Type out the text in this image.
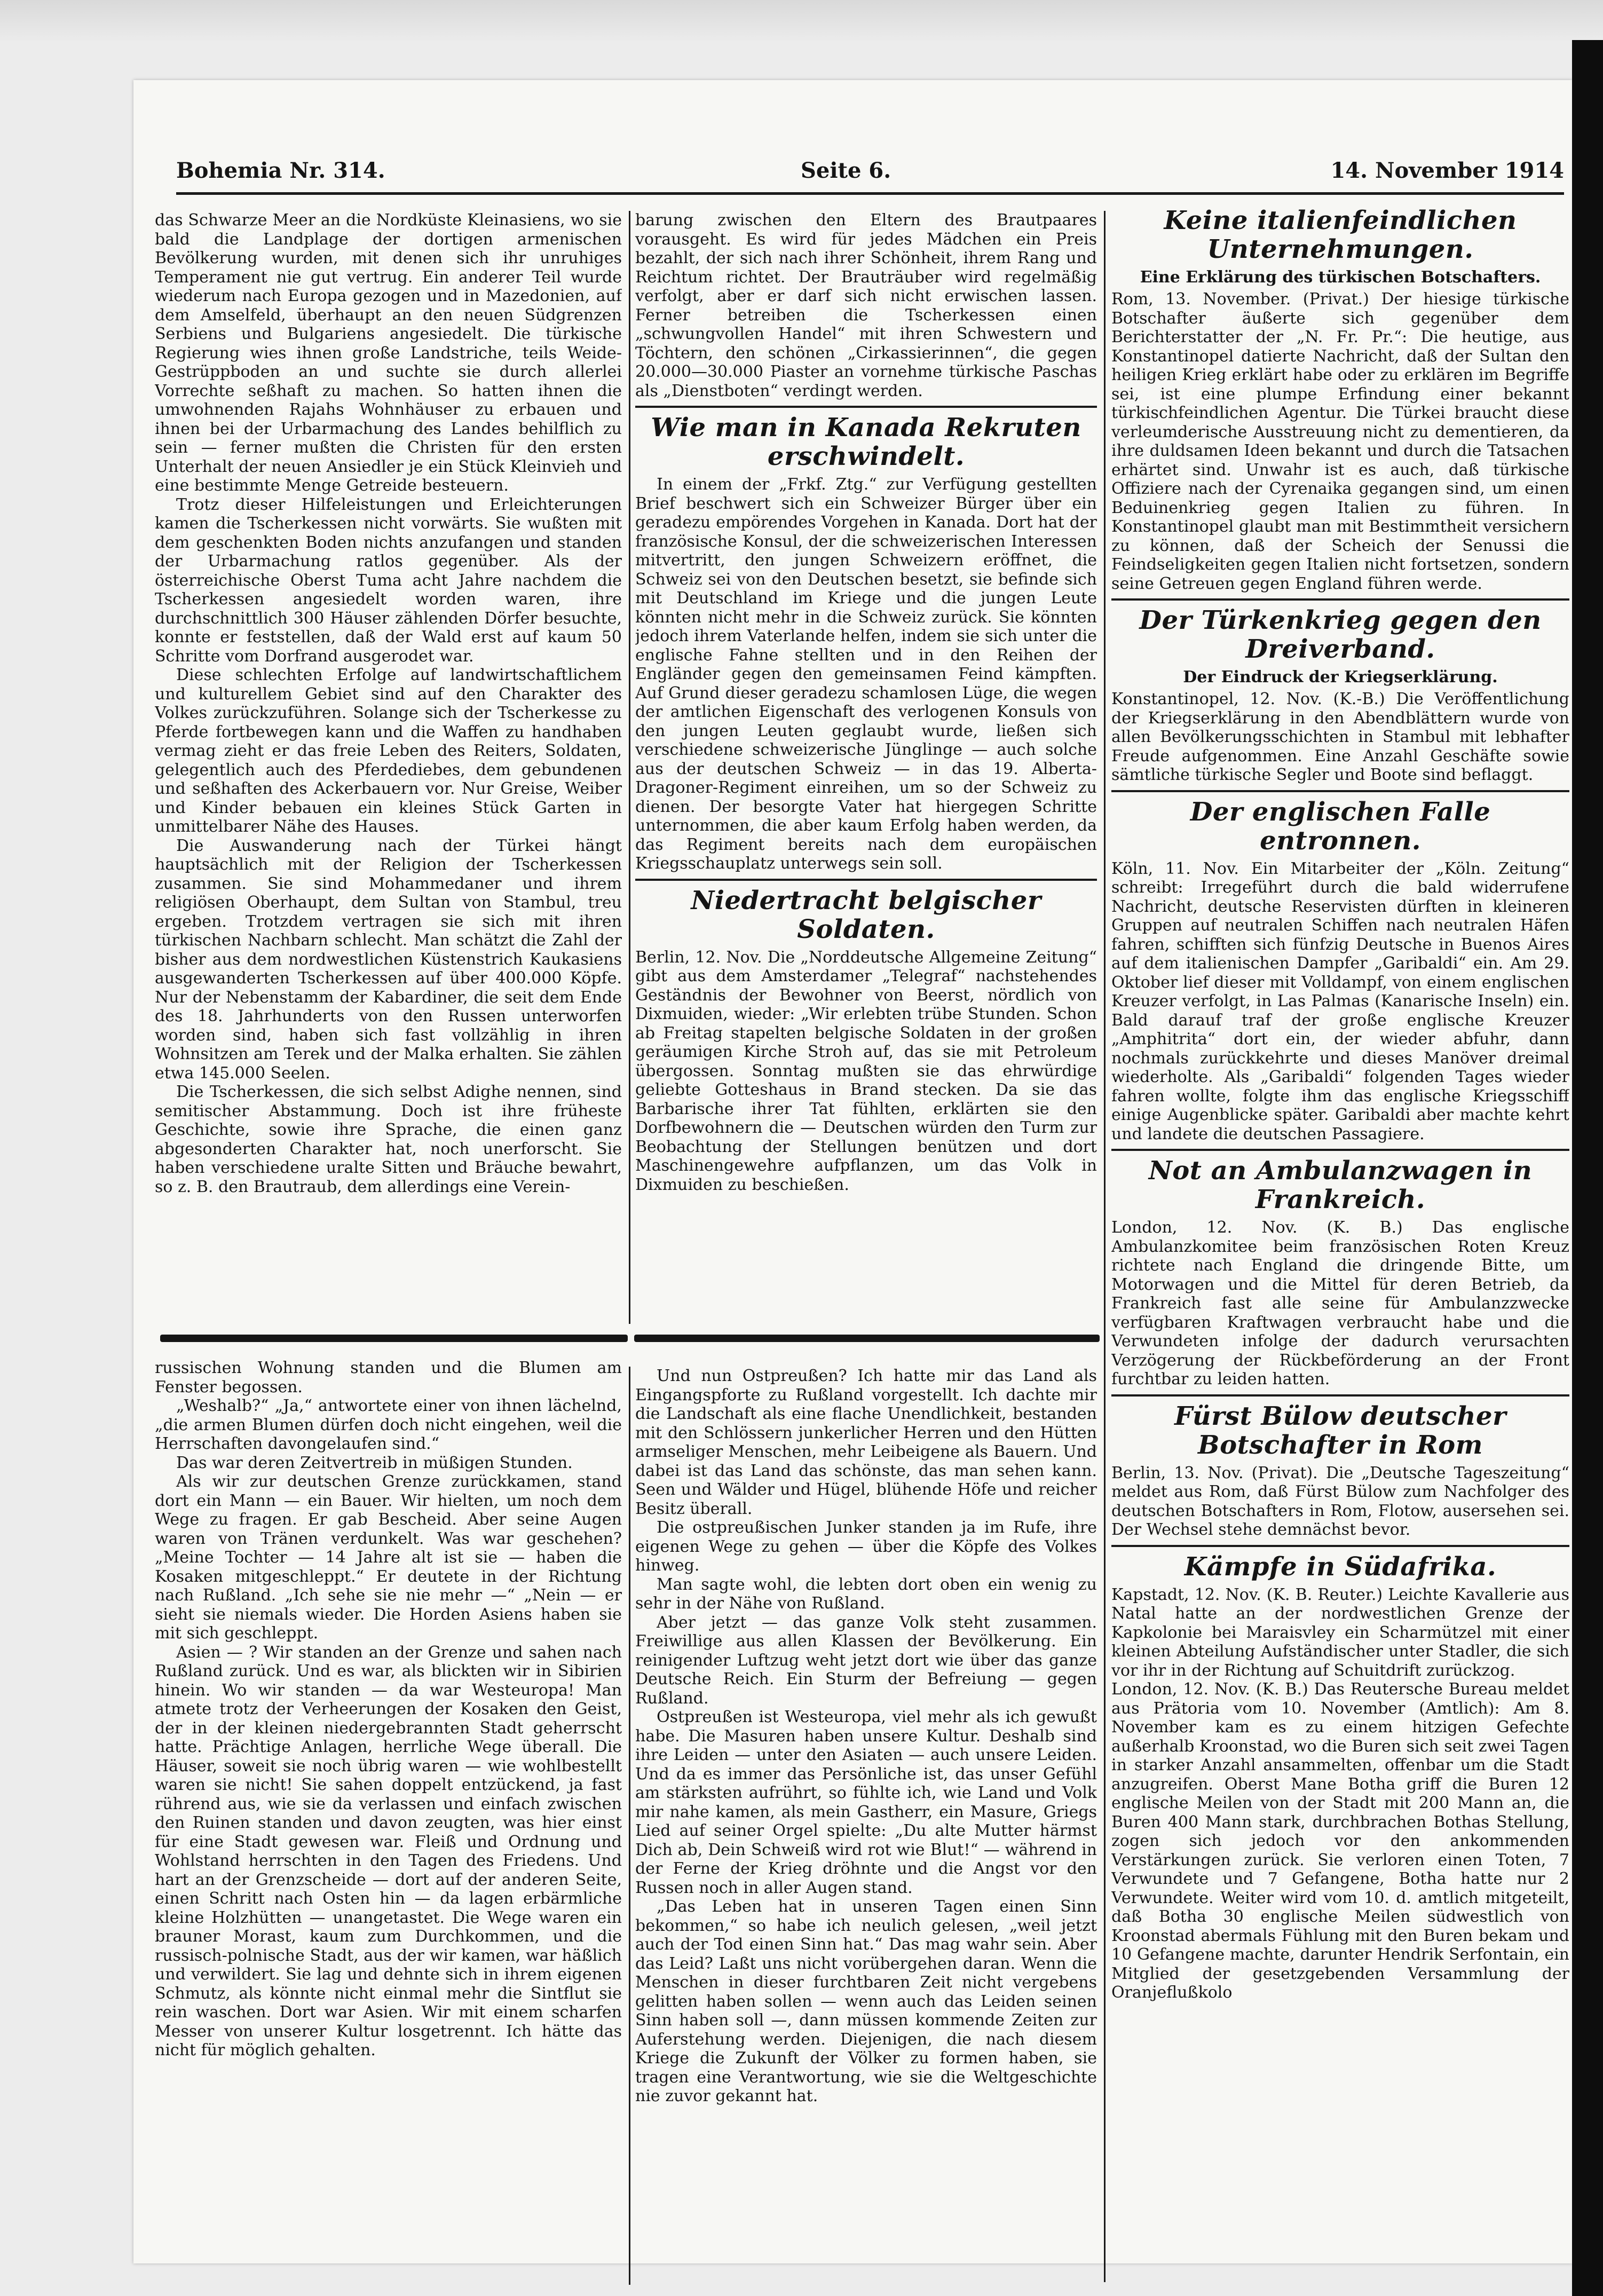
Bohemia Nr. 314.	Seite 6.	14. November 1914

das Schwarze Meer an die Nordküste Kleinasiens, wo sie bald die Landplage der dortigen armenischen Bevölkerung wurden, mit denen sich ihr unruhiges Temperament nie gut vertrug. Ein anderer Teil wurde wiederum nach Europa gezogen und in Mazedonien, auf dem Amselfeld, überhaupt an den neuen Südgrenzen Serbiens und Bulgariens angesiedelt. Die türkische Regierung wies ihnen große Landstriche, teils Weide- Gestrüppboden an und suchte sie durch allerlei Vorrechte seßhaft zu machen. So hatten ihnen die umwohnenden Rajahs Wohnhäuser zu erbauen und ihnen bei der Urbarmachung des Landes behilflich zu sein — ferner mußten die Christen für den ersten Unterhalt der neuen Ansiedler je ein Stück Kleinvieh und eine bestimmte Menge Getreide besteuern.

Trotz dieser Hilfeleistungen und Erleichterungen kamen die Tscherkessen nicht vorwärts. Sie wußten mit dem geschenkten Boden nichts anzufangen und standen der Urbarmachung ratlos gegenüber. Als der österreichische Oberst Tuma acht Jahre nachdem die Tscherkessen angesiedelt worden waren, ihre durchschnittlich 300 Häuser zählenden Dörfer besuchte, konnte er feststellen, daß der Wald erst auf kaum 50 Schritte vom Dorfrand ausgerodet war.

Diese schlechten Erfolge auf landwirtschaftlichem und kulturellem Gebiet sind auf den Charakter des Volkes zurückzuführen. Solange sich der Tscherkesse zu Pferde fortbewegen kann und die Waffen zu handhaben vermag zieht er das freie Leben des Reiters, Soldaten, gelegentlich auch des Pferdediebes, dem gebundenen und seßhaften des Ackerbauern vor. Nur Greise, Weiber und Kinder bebauen ein kleines Stück Garten in unmittelbarer Nähe des Hauses.

Die Auswanderung nach der Türkei hängt hauptsächlich mit der Religion der Tscherkessen zusammen. Sie sind Mohammedaner und ihrem religiösen Oberhaupt, dem Sultan von Stambul, treu ergeben. Trotzdem vertragen sie sich mit ihren türkischen Nachbarn schlecht. Man schätzt die Zahl der bisher aus dem nordwestlichen Küstenstrich Kaukasiens ausgewanderten Tscherkessen auf über 400.000 Köpfe. Nur der Nebenstamm der Kabardiner, die seit dem Ende des 18. Jahrhunderts von den Russen unterworfen worden sind, haben sich fast vollzählig in ihren Wohnsitzen am Terek und der Malka erhalten. Sie zählen etwa 145.000 Seelen.

Die Tscherkessen, die sich selbst Adighe nennen, sind semitischer Abstammung. Doch ist ihre früheste Geschichte, sowie ihre Sprache, die einen ganz abgesonderten Charakter hat, noch unerforscht. Sie haben verschiedene uralte Sitten und Bräuche bewahrt, so z. B. den Brautraub, dem allerdings eine Verein-

barung zwischen den Eltern des Brautpaares vorausgeht. Es wird für jedes Mädchen ein Preis bezahlt, der sich nach ihrer Schönheit, ihrem Rang und Reichtum richtet. Der Brauträuber wird regelmäßig verfolgt, aber er darf sich nicht erwischen lassen. Ferner betreiben die Tscherkessen einen „schwungvollen Handel“ mit ihren Schwestern und Töchtern, den schönen „Cirkassierinnen“, die gegen 20.000—30.000 Piaster an vornehme türkische Paschas als „Dienstboten“ verdingt werden.

Wie man in Kanada Rekruten erschwindelt.

In einem der „Frkf. Ztg.“ zur Verfügung gestellten Brief beschwert sich ein Schweizer Bürger über ein geradezu empörendes Vorgehen in Kanada. Dort hat der französische Konsul, der die schweizerischen Interessen mitvertritt, den jungen Schweizern eröffnet, die Schweiz sei von den Deutschen besetzt, sie befinde sich mit Deutschland im Kriege und die jungen Leute könnten nicht mehr in die Schweiz zurück. Sie könnten jedoch ihrem Vaterlande helfen, indem sie sich unter die englische Fahne stellten und in den Reihen der Engländer gegen den gemeinsamen Feind kämpften. Auf Grund dieser geradezu schamlosen Lüge, die wegen der amtlichen Eigenschaft des verlogenen Konsuls von den jungen Leuten geglaubt wurde, ließen sich verschiedene schweizerische Jünglinge — auch solche aus der deutschen Schweiz — in das 19. Alberta-Dragoner-Regiment einreihen, um so der Schweiz zu dienen. Der besorgte Vater hat hiergegen Schritte unternommen, die aber kaum Erfolg haben werden, da das Regiment bereits nach dem europäischen Kriegsschauplatz unterwegs sein soll.

Niedertracht belgischer Soldaten.

Berlin, 12. Nov. Die „Norddeutsche Allgemeine Zeitung“ gibt aus dem Amsterdamer „Telegraf“ nachstehendes Geständnis der Bewohner von Beerst, nördlich von Dixmuiden, wieder: „Wir erlebten trübe Stunden. Schon ab Freitag stapelten belgische Soldaten in der großen geräumigen Kirche Stroh auf, das sie mit Petroleum übergossen. Sonntag mußten sie das ehrwürdige geliebte Gotteshaus in Brand stecken. Da sie das Barbarische ihrer Tat fühlten, erklärten sie den Dorfbewohnern die — Deutschen würden den Turm zur Beobachtung der Stellungen benützen und dort Maschinengewehre aufpflanzen, um das Volk in Dixmuiden zu beschießen.

russischen Wohnung standen und die Blumen am Fenster begossen.

„Weshalb?“ „Ja,“ antwortete einer von ihnen lächelnd, „die armen Blumen dürfen doch nicht eingehen, weil die Herrschaften davongelaufen sind.“

Das war deren Zeitvertreib in müßigen Stunden.

Als wir zur deutschen Grenze zurückkamen, stand dort ein Mann — ein Bauer. Wir hielten, um noch dem Wege zu fragen. Er gab Bescheid. Aber seine Augen waren von Tränen verdunkelt. Was war geschehen? „Meine Tochter — 14 Jahre alt ist sie — haben die Kosaken mitgeschleppt.“ Er deutete in der Richtung nach Rußland. „Ich sehe sie nie mehr —“ „Nein — er sieht sie niemals wieder. Die Horden Asiens haben sie mit sich geschleppt.

Asien — ? Wir standen an der Grenze und sahen nach Rußland zurück. Und es war, als blickten wir in Sibirien hinein. Wo wir standen — da war Westeuropa! Man atmete trotz der Verheerungen der Kosaken den Geist, der in der kleinen niedergebrannten Stadt geherrscht hatte. Prächtige Anlagen, herrliche Wege überall. Die Häuser, soweit sie noch übrig waren — wie wohlbestellt waren sie nicht! Sie sahen doppelt entzückend, ja fast rührend aus, wie sie da verlassen und einfach zwischen den Ruinen standen und davon zeugten, was hier einst für eine Stadt gewesen war. Fleiß und Ordnung und Wohlstand herrschten in den Tagen des Friedens. Und hart an der Grenzscheide — dort auf der anderen Seite, einen Schritt nach Osten hin — da lagen erbärmliche kleine Holzhütten — unangetastet. Die Wege waren ein brauner Morast, kaum zum Durchkommen, und die russisch-polnische Stadt, aus der wir kamen, war häßlich und verwildert. Sie lag und dehnte sich in ihrem eigenen Schmutz, als könnte nicht einmal mehr die Sintflut sie rein waschen. Dort war Asien. Wir mit einem scharfen Messer von unserer Kultur losgetrennt. Ich hätte das nicht für möglich gehalten.

Und nun Ostpreußen? Ich hatte mir das Land als Eingangspforte zu Rußland vorgestellt. Ich dachte mir die Landschaft als eine flache Unendlichkeit, bestanden mit den Schlössern junkerlicher Herren und den Hütten armseliger Menschen, mehr Leibeigene als Bauern. Und dabei ist das Land das schönste, das man sehen kann. Seen und Wälder und Hügel, blühende Höfe und reicher Besitz überall.

Die ostpreußischen Junker standen ja im Rufe, ihre eigenen Wege zu gehen — über die Köpfe des Volkes hinweg.

Man sagte wohl, die lebten dort oben ein wenig zu sehr in der Nähe von Rußland.

Aber jetzt — das ganze Volk steht zusammen. Freiwillige aus allen Klassen der Bevölkerung. Ein reinigender Luftzug weht jetzt dort wie über das ganze Deutsche Reich. Ein Sturm der Befreiung — gegen Rußland.

Ostpreußen ist Westeuropa, viel mehr als ich gewußt habe. Die Masuren haben unsere Kultur. Deshalb sind ihre Leiden — unter den Asiaten — auch unsere Leiden. Und da es immer das Persönliche ist, das unser Gefühl am stärksten aufrührt, so fühlte ich, wie Land und Volk mir nahe kamen, als mein Gastherr, ein Masure, Griegs Lied auf seiner Orgel spielte: „Du alte Mutter härmst Dich ab, Dein Schweiß wird rot wie Blut!“ — während in der Ferne der Krieg dröhnte und die Angst vor den Russen noch in aller Augen stand.

„Das Leben hat in unseren Tagen einen Sinn bekommen,“ so habe ich neulich gelesen, „weil jetzt auch der Tod einen Sinn hat.“ Das mag wahr sein. Aber das Leid? Laßt uns nicht vorübergehen daran. Wenn die Menschen in dieser furchtbaren Zeit nicht vergebens gelitten haben sollen — wenn auch das Leiden seinen Sinn haben soll —, dann müssen kommende Zeiten zur Auferstehung werden. Diejenigen, die nach diesem Kriege die Zukunft der Völker zu formen haben, sie tragen eine Verantwortung, wie sie die Weltgeschichte nie zuvor gekannt hat.

Keine italienfeindlichen Unternehmungen.
Eine Erklärung des türkischen Botschafters.

Rom, 13. November. (Privat.) Der hiesige türkische Botschafter äußerte sich gegenüber dem Berichterstatter der „N. Fr. Pr.“: Die heutige, aus Konstantinopel datierte Nachricht, daß der Sultan den heiligen Krieg erklärt habe oder zu erklären im Begriffe sei, ist eine plumpe Erfindung einer bekannt türkischfeindlichen Agentur. Die Türkei braucht diese verleumderische Ausstreuung nicht zu dementieren, da ihre duldsamen Ideen bekannt und durch die Tatsachen erhärtet sind. Unwahr ist es auch, daß türkische Offiziere nach der Cyrenaika gegangen sind, um einen Beduinenkrieg gegen Italien zu führen. In Konstantinopel glaubt man mit Bestimmtheit versichern zu können, daß der Scheich der Senussi die Feindseligkeiten gegen Italien nicht fortsetzen, sondern seine Getreuen gegen England führen werde.

Der Türkenkrieg gegen den Dreiverband.
Der Eindruck der Kriegserklärung.

Konstantinopel, 12. Nov. (K.-B.) Die Veröffentlichung der Kriegserklärung in den Abendblättern wurde von allen Bevölkerungsschichten in Stambul mit lebhafter Freude aufgenommen. Eine Anzahl Geschäfte sowie sämtliche türkische Segler und Boote sind beflaggt.

Der englischen Falle entronnen.

Köln, 11. Nov. Ein Mitarbeiter der „Köln. Zeitung“ schreibt: Irregeführt durch die bald widerrufene Nachricht, deutsche Reservisten dürften in kleineren Gruppen auf neutralen Schiffen nach neutralen Häfen fahren, schifften sich fünfzig Deutsche in Buenos Aires auf dem italienischen Dampfer „Garibaldi“ ein. Am 29. Oktober lief dieser mit Volldampf, von einem englischen Kreuzer verfolgt, in Las Palmas (Kanarische Inseln) ein. Bald darauf traf der große englische Kreuzer „Amphitrita“ dort ein, der wieder abfuhr, dann nochmals zurückkehrte und dieses Manöver dreimal wiederholte. Als „Garibaldi“ folgenden Tages wieder fahren wollte, folgte ihm das englische Kriegsschiff einige Augenblicke später. Garibaldi aber machte kehrt und landete die deutschen Passagiere.

Not an Ambulanzwagen in Frankreich.

London, 12. Nov. (K. B.) Das englische Ambulanzkomitee beim französischen Roten Kreuz richtete nach England die dringende Bitte, um Motorwagen und die Mittel für deren Betrieb, da Frankreich fast alle seine für Ambulanzzwecke verfügbaren Kraftwagen verbraucht habe und die Verwundeten infolge der dadurch verursachten Verzögerung der Rückbeförderung an der Front furchtbar zu leiden hatten.

Fürst Bülow deutscher Botschafter in Rom

Berlin, 13. Nov. (Privat). Die „Deutsche Tageszeitung“ meldet aus Rom, daß Fürst Bülow zum Nachfolger des deutschen Botschafters in Rom, Flotow, ausersehen sei. Der Wechsel stehe demnächst bevor.

Kämpfe in Südafrika.

Kapstadt, 12. Nov. (K. B. Reuter.) Leichte Kavallerie aus Natal hatte an der nordwestlichen Grenze der Kapkolonie bei Maraisvley ein Scharmützel mit einer kleinen Abteilung Aufständischer unter Stadler, die sich vor ihr in der Richtung auf Schuitdrift zurückzog.

London, 12. Nov. (K. B.) Das Reutersche Bureau meldet aus Prätoria vom 10. November (Amtlich): Am 8. November kam es zu einem hitzigen Gefechte außerhalb Kroonstad, wo die Buren sich seit zwei Tagen in starker Anzahl ansammelten, offenbar um die Stadt anzugreifen. Oberst Mane Botha griff die Buren 12 englische Meilen von der Stadt mit 200 Mann an, die Buren 400 Mann stark, durchbrachen Bothas Stellung, zogen sich jedoch vor den ankommenden Verstärkungen zurück. Sie verloren einen Toten, 7 Verwundete und 7 Gefangene, Botha hatte nur 2 Verwundete. Weiter wird vom 10. d. amtlich mitgeteilt, daß Botha 30 englische Meilen südwestlich von Kroonstad abermals Fühlung mit den Buren bekam und 10 Gefangene machte, darunter Hendrik Serfontain, ein Mitglied der gesetzgebenden Versammlung der Oranjeflußkolo
